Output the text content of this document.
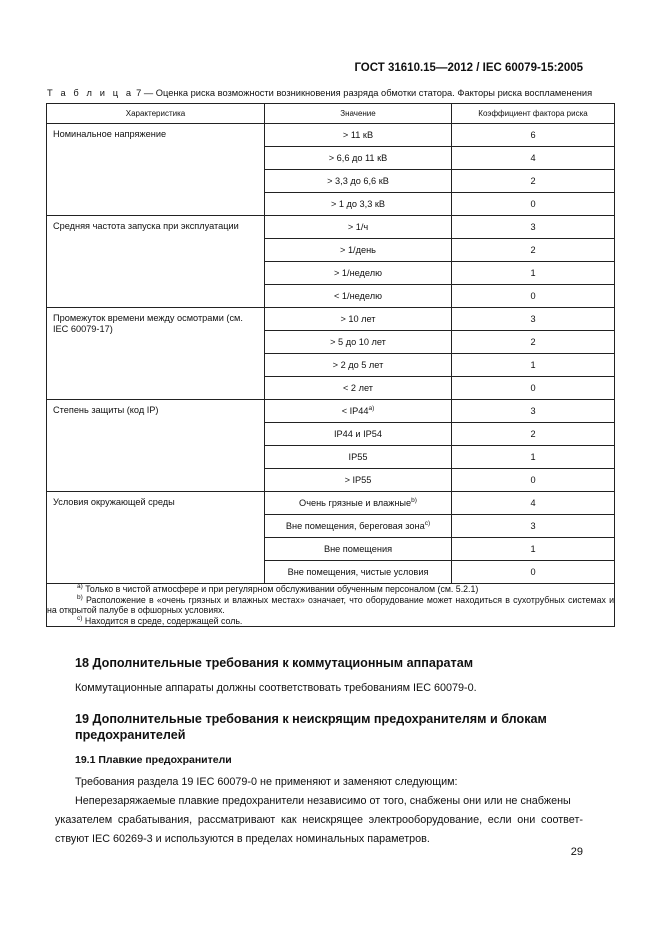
ГОСТ 31610.15—2012 / IEC 60079-15:2005
Т а б л и ц а 7 — Оценка риска возможности возникновения разряда обмотки статора. Факторы риска воспламенения
Характеристика	Значение	Коэффициент фактора риска
Номинальное напряжение	> 11 кВ	6
	> 6,6 до 11 кВ	4
	> 3,3 до 6,6 кВ	2
	> 1 до 3,3 кВ	0
Средняя частота запуска при эксплуатации	> 1/ч	3
	> 1/день	2
	> 1/неделю	1
	< 1/неделю	0
Промежуток времени между осмотрами (см. IEC 60079-17)	> 10 лет	3
	> 5 до 10 лет	2
	> 2 до 5 лет	1
	< 2 лет	0
Степень защиты (код IP)	< $IP44^{a)}$	3
	IP44 и IP54	2
	IP55	1
	> IP55	0
Условия окружающей среды	Очень грязные и влажные$^{b)}$	4
	Вне помещения, береговая зона$^{c)}$	3
	Вне помещения	1
	Вне помещения, чистые условия	0

$^{a)}$ Только в чистой атмосфере и при регулярном обслуживании обученным персоналом (см. 5.2.1)
$^{b)}$ Расположение в «очень грязных и влажных местах» означает, что оборудование может находиться в сухотрубных системах и на открытой палубе в офшорных условиях.
$^{c)}$ Находится в среде, содержащей соль.		
18 Дополнительные требования к коммутационным аппаратам
Коммутационные аппараты должны соответствовать требованиям IEC 60079-0.
19 Дополнительные требования к неискрящим предохранителям и блокам
предохранителей
19.1 Плавкие предохранители
Требования раздела 19 IEC 60079-0 не применяют и заменяют следующим:
Неперезаряжаемые плавкие предохранители независимо от того, снабжены они или не снабжены
указателем срабатывания, рассматривают как неискрящее электрооборудование, если они соответ-
ствуют IEC 60269-3 и используются в пределах номинальных параметров.
29
